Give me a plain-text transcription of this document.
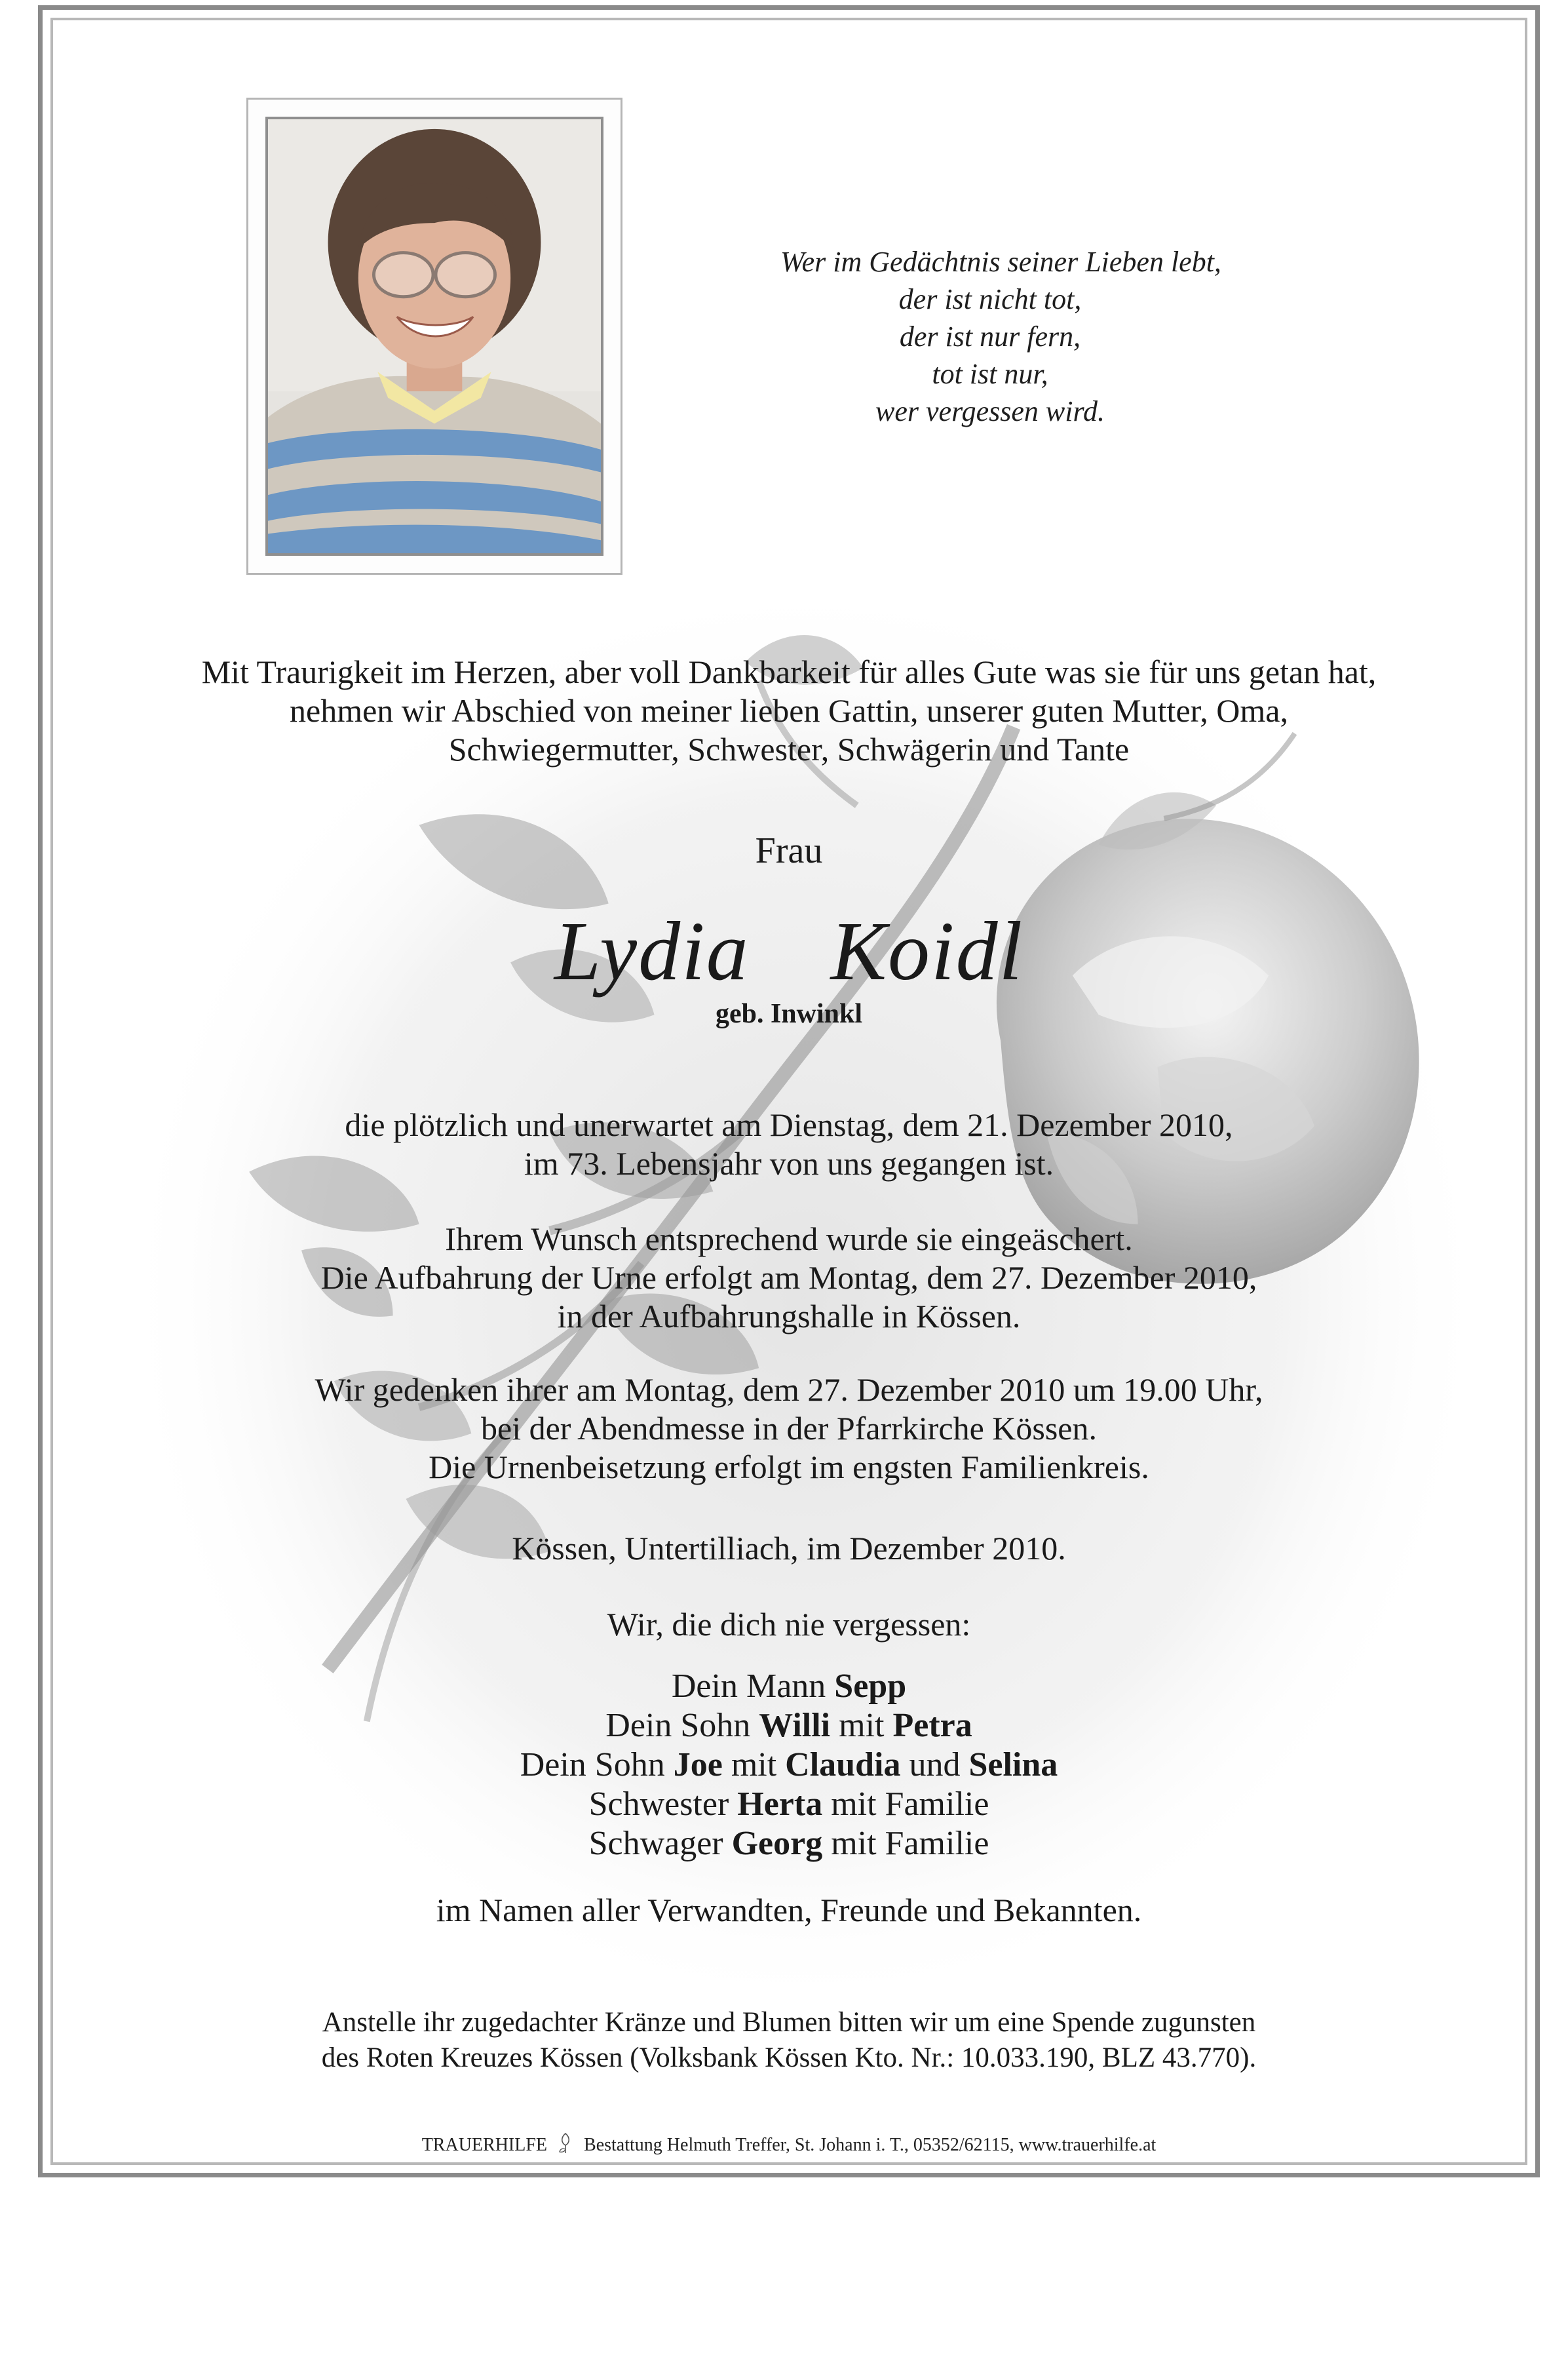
Wer im Gedächtnis seiner Lieben lebt,
der ist nicht tot,
der ist nur fern,
tot ist nur,
wer vergessen wird.
Mit Traurigkeit im Herzen, aber voll Dankbarkeit für alles Gute was sie für uns getan hat,
nehmen wir Abschied von meiner lieben Gattin, unserer guten Mutter, Oma,
Schwiegermutter, Schwester, Schwägerin und Tante
Frau
Lydia  Koidl
geb. Inwinkl
die plötzlich und unerwartet am Dienstag, dem 21. Dezember 2010,
im 73. Lebensjahr von uns gegangen ist.
Ihrem Wunsch entsprechend wurde sie eingeäschert.
Die Aufbahrung der Urne erfolgt am Montag, dem 27. Dezember 2010,
in der Aufbahrungshalle in Kössen.
Wir gedenken ihrer am Montag, dem 27. Dezember 2010 um 19.00 Uhr,
bei der Abendmesse in der Pfarrkirche Kössen.
Die Urnenbeisetzung erfolgt im engsten Familienkreis.
Kössen, Untertilliach, im Dezember 2010.
Wir, die dich nie vergessen:
Dein Mann Sepp
Dein Sohn Willi mit Petra
Dein Sohn Joe mit Claudia und Selina
Schwester Herta mit Familie
Schwager Georg mit Familie
im Namen aller Verwandten, Freunde und Bekannten.
Anstelle ihr zugedachter Kränze und Blumen bitten wir um eine Spende zugunsten
des Roten Kreuzes Kössen (Volksbank Kössen Kto. Nr.: 10.033.190, BLZ 43.770).
TRAUERHILFE Bestattung Helmuth Treffer, St. Johann i. T., 05352/62115, www.trauerhilfe.at
